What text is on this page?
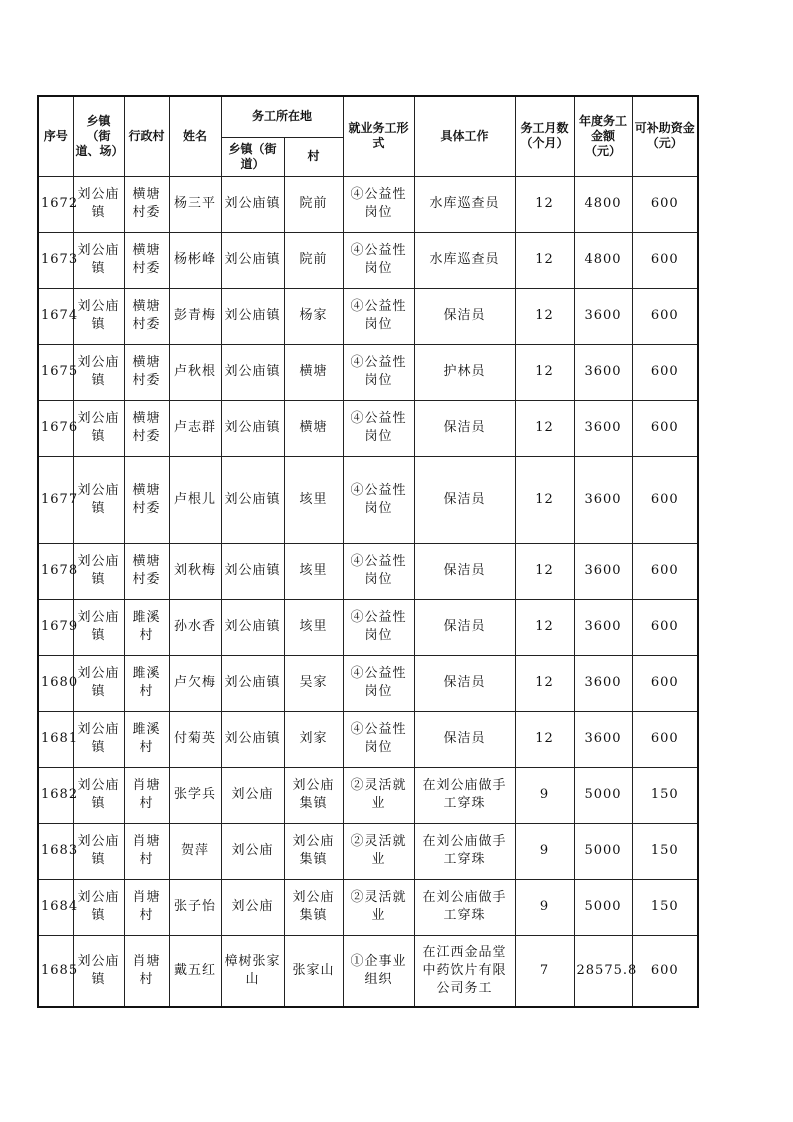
序号	乡镇（街道、场）	行政村	姓名	务工所在地		就业务工形式	具体工作	务工月数（个月）	年度务工金额（元）	可补助资金（元）
				乡镇（街道）	村					
1672	刘公庙镇	横塘村委	杨三平	刘公庙镇	院前	④公益性岗位	水库巡查员	12	4800	600
1673	刘公庙镇	横塘村委	杨彬峰	刘公庙镇	院前	④公益性岗位	水库巡查员	12	4800	600
1674	刘公庙镇	横塘村委	彭青梅	刘公庙镇	杨家	④公益性岗位	保洁员	12	3600	600
1675	刘公庙镇	横塘村委	卢秋根	刘公庙镇	横塘	④公益性岗位	护林员	12	3600	600
1676	刘公庙镇	横塘村委	卢志群	刘公庙镇	横塘	④公益性岗位	保洁员	12	3600	600
1677	刘公庙镇	横塘村委	卢根儿	刘公庙镇	垓里	④公益性岗位	保洁员	12	3600	600
1678	刘公庙镇	横塘村委	刘秋梅	刘公庙镇	垓里	④公益性岗位	保洁员	12	3600	600
1679	刘公庙镇	雎溪村	孙水香	刘公庙镇	垓里	④公益性岗位	保洁员	12	3600	600
1680	刘公庙镇	雎溪村	卢欠梅	刘公庙镇	吴家	④公益性岗位	保洁员	12	3600	600
1681	刘公庙镇	雎溪村	付菊英	刘公庙镇	刘家	④公益性岗位	保洁员	12	3600	600
1682	刘公庙镇	肖塘村	张学兵	刘公庙	刘公庙集镇	②灵活就业	在刘公庙做手工穿珠	9	5000	150
1683	刘公庙镇	肖塘村	贺萍	刘公庙	刘公庙集镇	②灵活就业	在刘公庙做手工穿珠	9	5000	150
1684	刘公庙镇	肖塘村	张子怡	刘公庙	刘公庙集镇	②灵活就业	在刘公庙做手工穿珠	9	5000	150
1685	刘公庙镇	肖塘村	戴五红	樟树张家山	张家山	①企事业组织	在江西金品堂中药饮片有限公司务工	7	28575.8	600
